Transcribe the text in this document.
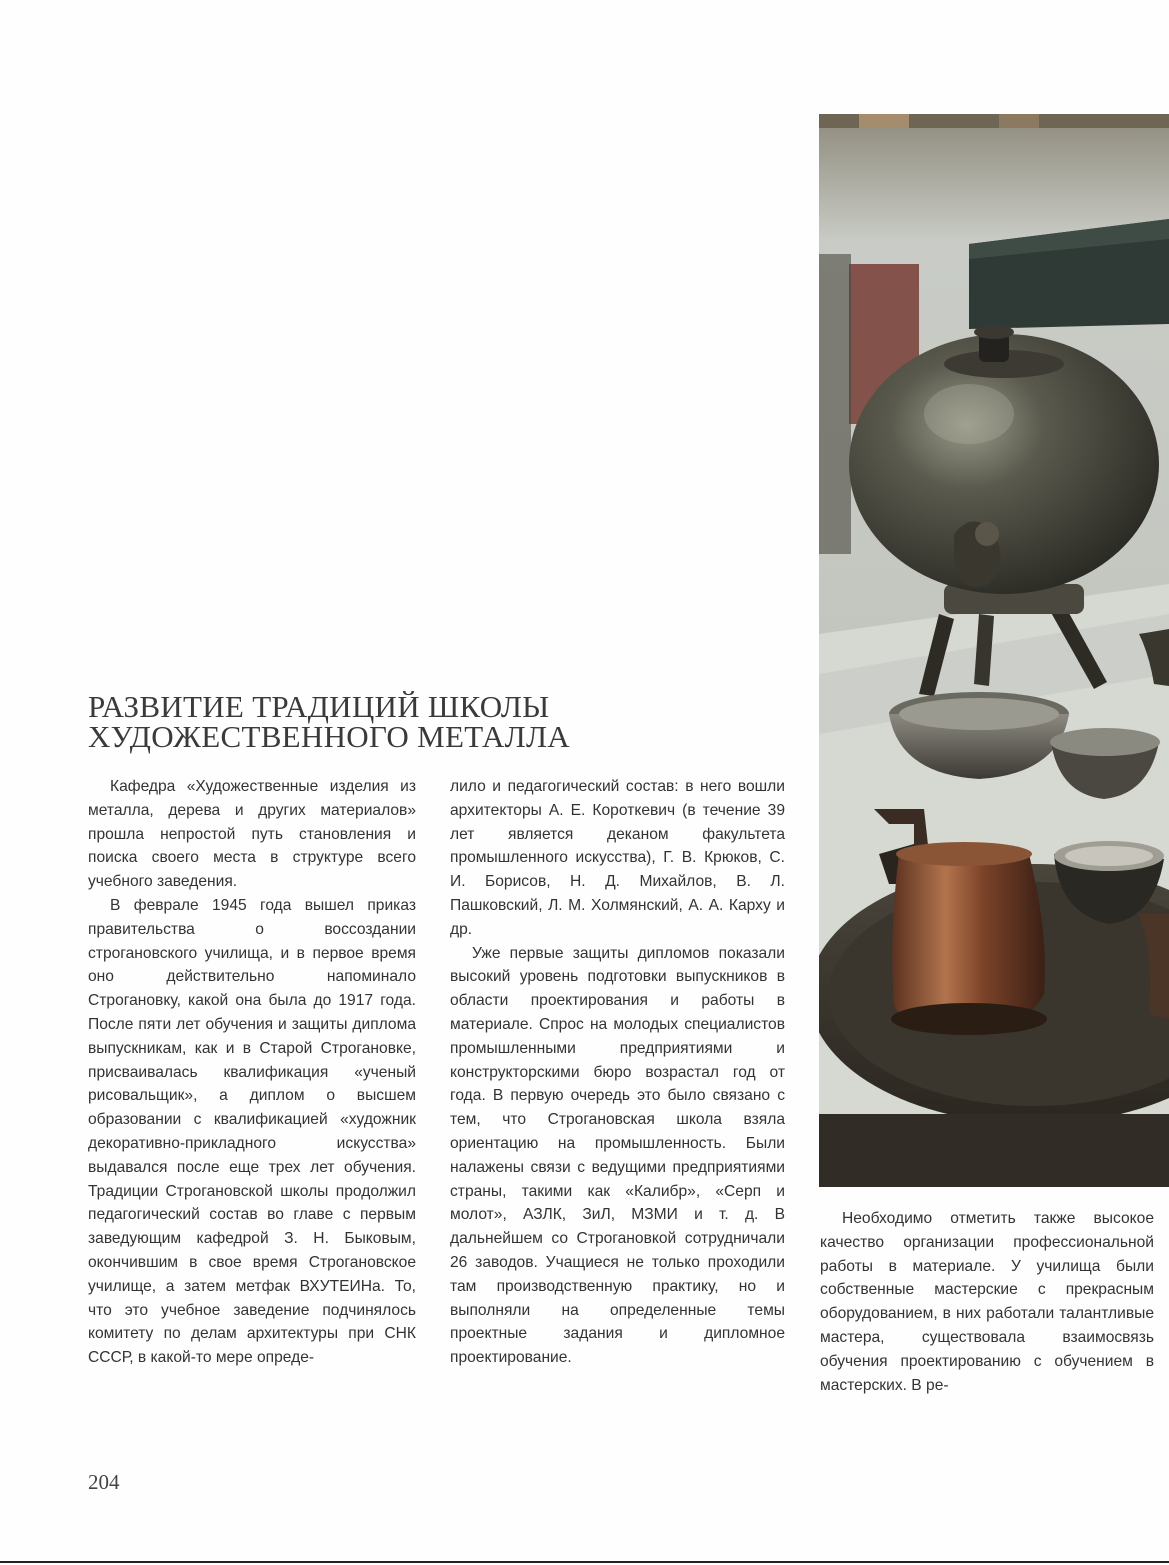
РАЗВИТИЕ ТРАДИЦИЙ ШКОЛЫ
ХУДОЖЕСТВЕННОГО МЕТАЛЛА

Кафедра «Художественные изделия из металла, дерева и других материалов» прошла непростой путь становления и поиска своего места в структуре всего учебного заведения.

В феврале 1945 года вышел приказ правительства о воссоздании строгановского училища, и в первое время оно действительно напоминало Строгановку, какой она была до 1917 года. После пяти лет обучения и защиты диплома выпускникам, как и в Старой Строгановке, присваивалась квалификация «ученый рисовальщик», а диплом о высшем образовании с квалификацией «художник декоративно-прикладного искусства» выдавался после еще трех лет обучения. Традиции Строгановской школы продолжил педагогический состав во главе с первым заведующим кафедрой З. Н. Быковым, окончившим в свое время Строгановское училище, а затем метфак ВХУТЕИНа. То, что это учебное заведение подчинялось комитету по делам архитектуры при СНК СССР, в какой-то мере опреде-

лило и педагогический состав: в него вошли архитекторы А. Е. Короткевич (в течение 39 лет является деканом факультета промышленного искусства), Г. В. Крюков, С. И. Борисов, Н. Д. Михайлов, В. Л. Пашковский, Л. М. Холмянский, А. А. Карху и др.

Уже первые защиты дипломов показали высокий уровень подготовки выпускников в области проектирования и работы в материале. Спрос на молодых специалистов промышленными предприятиями и конструкторскими бюро возрастал год от года. В первую очередь это было связано с тем, что Строгановская школа взяла ориентацию на промышленность. Были налажены связи с ведущими предприятиями страны, такими как «Калибр», «Серп и молот», АЗЛК, ЗиЛ, МЗМИ и т. д. В дальнейшем со Строгановкой сотрудничали 26 заводов. Учащиеся не только проходили там производственную практику, но и выполняли на определенные темы проектные задания и дипломное проектирование.

Необходимо отметить также высокое качество организации профессиональной работы в материале. У училища были собственные мастерские с прекрасным оборудованием, в них работали талантливые мастера, существовала взаимосвязь обучения проектированию с обучением в мастерских. В ре-

204
